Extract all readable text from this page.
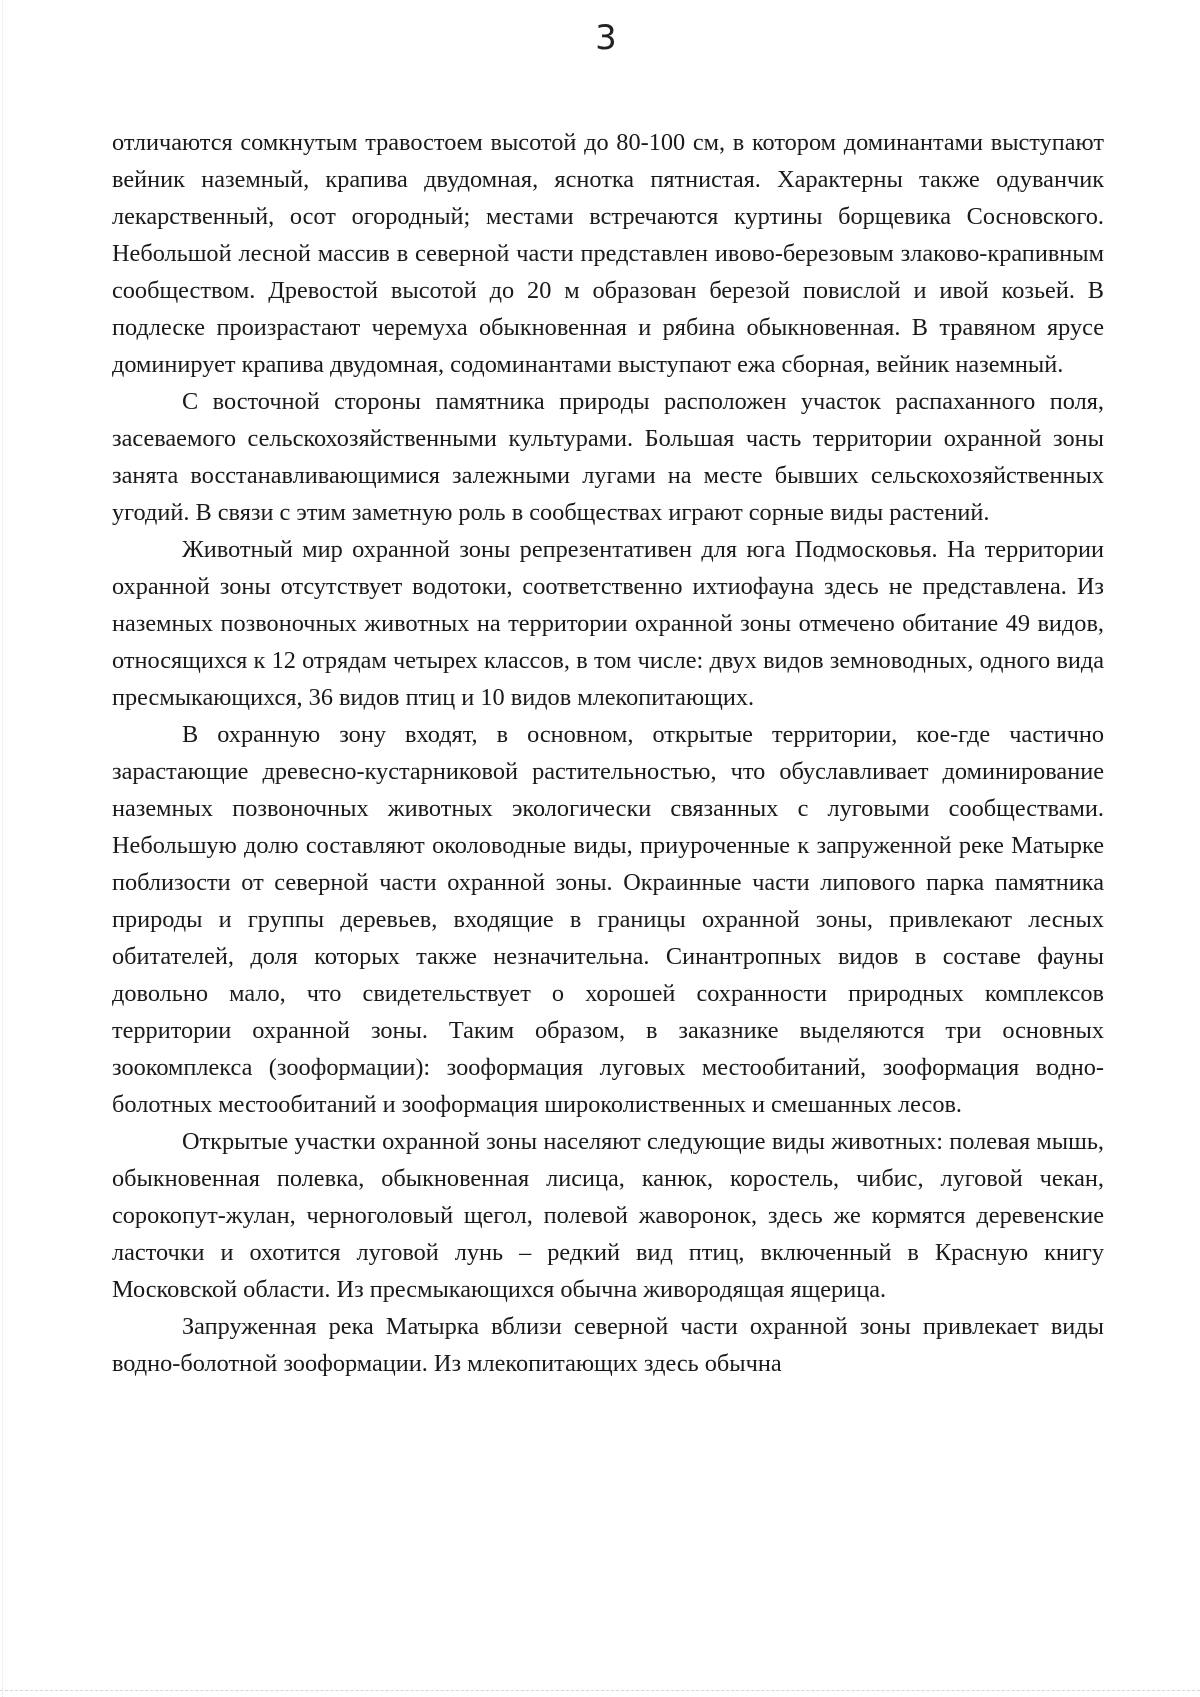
3

отличаются сомкнутым травостоем высотой до 80-100 см, в котором доминантами выступают вейник наземный, крапива двудомная, яснотка пятнистая. Характерны также одуванчик лекарственный, осот огородный; местами встречаются куртины борщевика Сосновского. Небольшой лесной массив в северной части представлен ивово-березовым злаково-крапивным сообществом. Древостой высотой до 20 м образован березой повислой и ивой козьей. В подлеске произрастают черемуха обыкновенная и рябина обыкновенная. В травяном ярусе доминирует крапива двудомная, содоминантами выступают ежа сборная, вейник наземный.

С восточной стороны памятника природы расположен участок распаханного поля, засеваемого сельскохозяйственными культурами. Большая часть территории охранной зоны занята восстанавливающимися залежными лугами на месте бывших сельскохозяйственных угодий. В связи с этим заметную роль в сообществах играют сорные виды растений.

Животный мир охранной зоны репрезентативен для юга Подмосковья. На территории охранной зоны отсутствует водотоки, соответственно ихтиофауна здесь не представлена. Из наземных позвоночных животных на территории охранной зоны отмечено обитание 49 видов, относящихся к 12 отрядам четырех классов, в том числе: двух видов земноводных, одного вида пресмыкающихся, 36 видов птиц и 10 видов млекопитающих.

В охранную зону входят, в основном, открытые территории, кое-где частично зарастающие древесно-кустарниковой растительностью, что обуславливает доминирование наземных позвоночных животных экологически связанных с луговыми сообществами. Небольшую долю составляют околоводные виды, приуроченные к запруженной реке Матырке поблизости от северной части охранной зоны. Окраинные части липового парка памятника природы и группы деревьев, входящие в границы охранной зоны, привлекают лесных обитателей, доля которых также незначительна. Синантропных видов в составе фауны довольно мало, что свидетельствует о хорошей сохранности природных комплексов территории охранной зоны. Таким образом, в заказнике выделяются три основных зоокомплекса (зооформации): зооформация луговых местообитаний, зооформация водно-болотных местообитаний и зооформация широколиственных и смешанных лесов.

Открытые участки охранной зоны населяют следующие виды животных: полевая мышь, обыкновенная полевка, обыкновенная лисица, канюк, коростель, чибис, луговой чекан, сорокопут-жулан, черноголовый щегол, полевой жаворонок, здесь же кормятся деревенские ласточки и охотится луговой лунь – редкий вид птиц, включенный в Красную книгу Московской области. Из пресмыкающихся обычна живородящая ящерица.

Запруженная река Матырка вблизи северной части охранной зоны привлекает виды водно-болотной зооформации. Из млекопитающих здесь обычна
